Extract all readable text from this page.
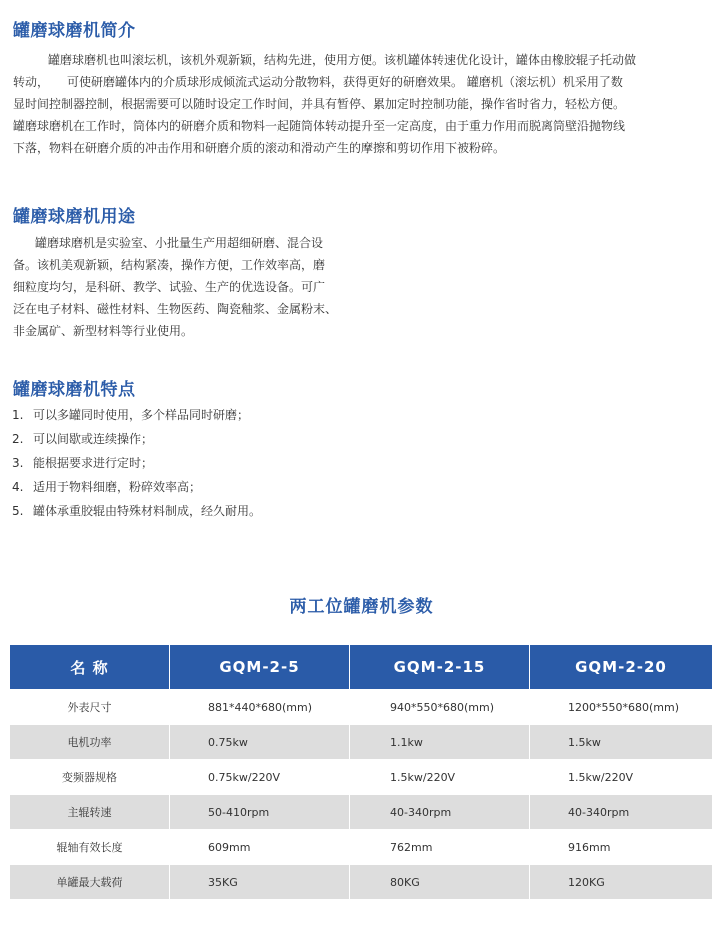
罐磨球磨机简介
罐磨球磨机也叫滚坛机，该机外观新颖，结构先进，使用方便。该机罐体转速优化设计，罐体由橡胶辊子托动做
转动，　　可使研磨罐体内的介质球形成倾流式运动分散物料，获得更好的研磨效果。 罐磨机（滚坛机）机采用了数
显时间控制器控制，根据需要可以随时设定工作时间，并具有暂停、累加定时控制功能，操作省时省力，轻松方便。
罐磨球磨机在工作时，筒体内的研磨介质和物料一起随筒体转动提升至一定高度，由于重力作用而脱离筒壁沿抛物线
下落，物料在研磨介质的冲击作用和研磨介质的滚动和滑动产生的摩擦和剪切作用下被粉碎。
罐磨球磨机用途
罐磨球磨机是实验室、小批量生产用超细研磨、混合设
备。该机美观新颖，结构紧凑，操作方便，工作效率高，磨
细粒度均匀，是科研、教学、试验、生产的优选设备。可广
泛在电子材料、磁性材料、生物医药、陶瓷釉浆、金属粉末、
非金属矿、新型材料等行业使用。
罐磨球磨机特点
1. 可以多罐同时使用，多个样品同时研磨；
2. 可以间歇或连续操作；
3. 能根据要求进行定时；
4. 适用于物料细磨，粉碎效率高；
5. 罐体承重胶辊由特殊材料制成，经久耐用。
两工位罐磨机参数
名 称	GQM-2-5	GQM-2-15	GQM-2-20
外表尺寸	881*440*680(mm)	940*550*680(mm)	1200*550*680(mm)
电机功率	0.75kw	1.1kw	1.5kw
变频器规格	0.75kw/220V	1.5kw/220V	1.5kw/220V
主辊转速	50-410rpm	40-340rpm	40-340rpm
辊轴有效长度	609mm	762mm	916mm
单罐最大载荷	35KG	80KG	120KG
